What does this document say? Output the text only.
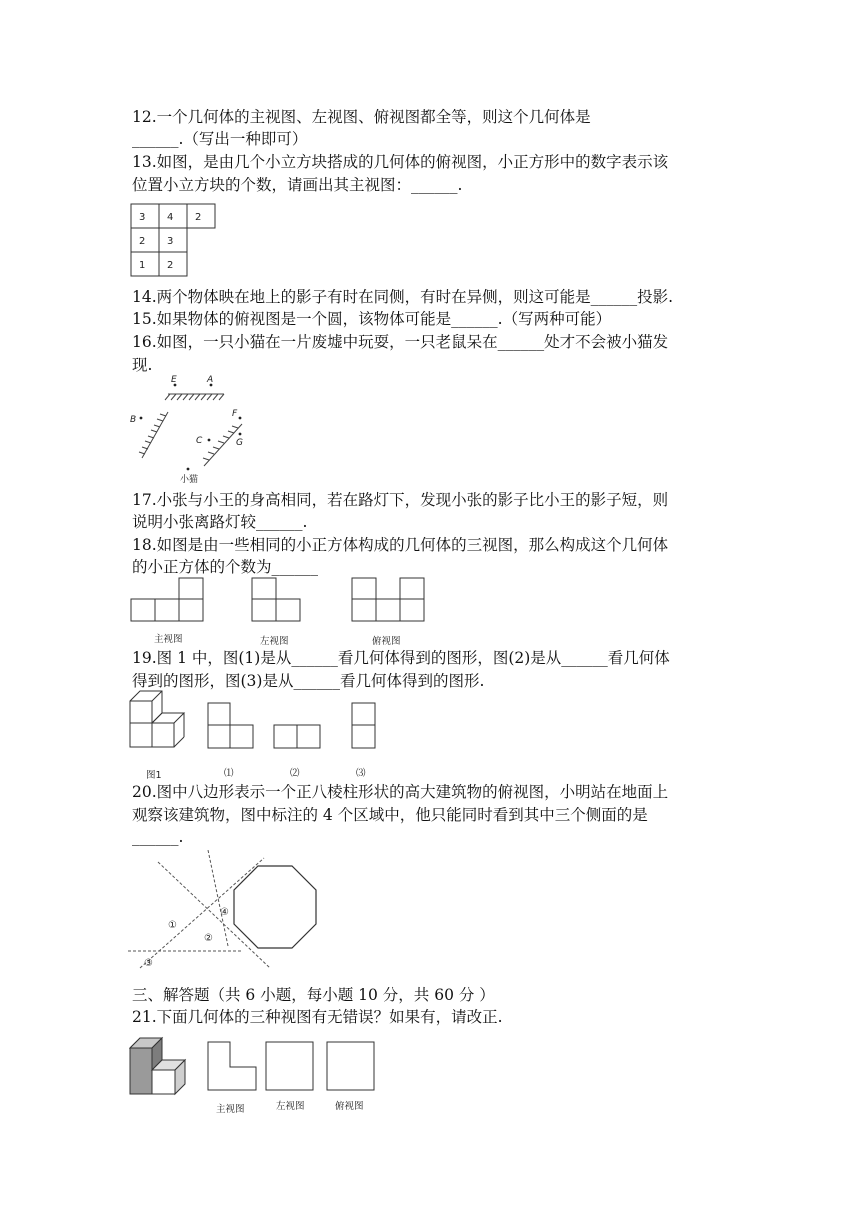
12.一个几何体的主视图、左视图、俯视图都全等，则这个几何体是
______.（写出一种即可）
13.如图，是由几个小立方块搭成的几何体的俯视图，小正方形中的数字表示该
位置小立方块的个数，请画出其主视图：______.
3 4 2
2 3
1 2
14.两个物体映在地上的影子有时在同侧，有时在异侧，则这可能是______投影.
15.如果物体的俯视图是一个圆，该物体可能是______.（写两种可能）
16.如图，一只小猫在一片废墟中玩耍，一只老鼠呆在______处才不会被小猫发
现.
E	A
B
F
C	G
小猫
17.小张与小王的身高相同，若在路灯下，发现小张的影子比小王的影子短，则
说明小张离路灯较______.
18.如图是由一些相同的小正方体构成的几何体的三视图，那么构成这个几何体
的小正方体的个数为______
主视图	左视图	俯视图
19.图 1 中，图(1)是从______看几何体得到的图形，图(2)是从______看几何体
得到的图形，图(3)是从______看几何体得到的图形.
图1	⑴	⑵	⑶
20.图中八边形表示一个正八棱柱形状的高大建筑物的俯视图，小明站在地面上
观察该建筑物，图中标注的 4 个区域中，他只能同时看到其中三个侧面的是
______.
①
②
③
④
三、解答题（共 6 小题，每小题 10 分，共 60 分 ）
21.下面几何体的三种视图有无错误？如果有，请改正.
主视图	左视图	俯视图
